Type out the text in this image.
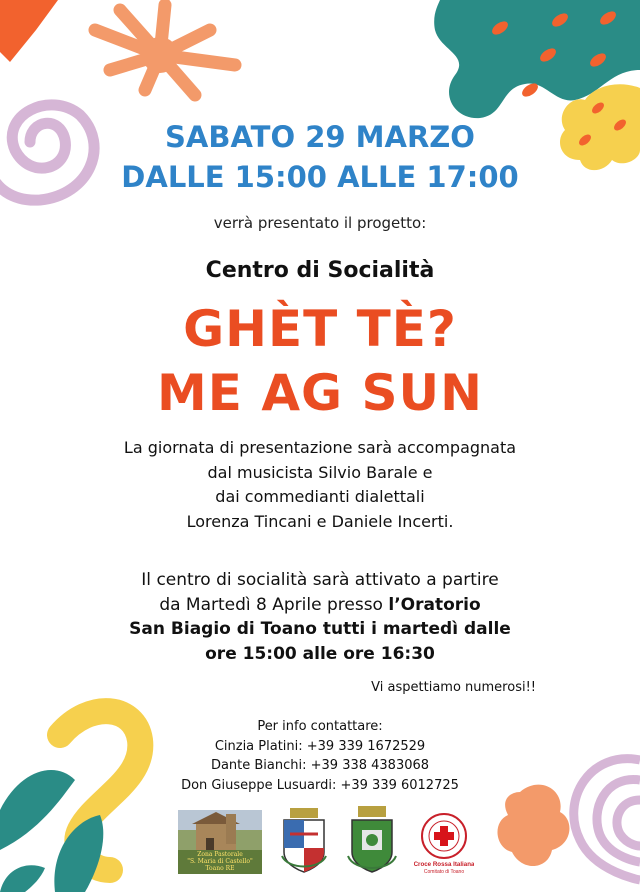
SABATO 29 MARZO
DALLE 15:00 ALLE 17:00
verrà presentato il progetto:
Centro di Socialità
GHÈT TÈ?
ME AG SUN
La giornata di presentazione sarà accompagnata
dal musicista Silvio Barale e
dai commedianti dialettali
Lorenza Tincani e Daniele Incerti.
Il centro di socialità sarà attivato a partire
da Martedì 8 Aprile presso l’Oratorio
San Biagio di Toano tutti i martedì dalle
ore 15:00 alle ore 16:30
Vi aspettiamo numerosi!!
Per info contattare:
Cinzia Platini: +39 339 1672529
Dante Bianchi: +39 338 4383068
Don Giuseppe Lusuardi: +39 339 6012725
Zona Pastorale
"S. Maria di Castello"
Toano RE
Croce Rossa Italiana
Comitato di Toano
